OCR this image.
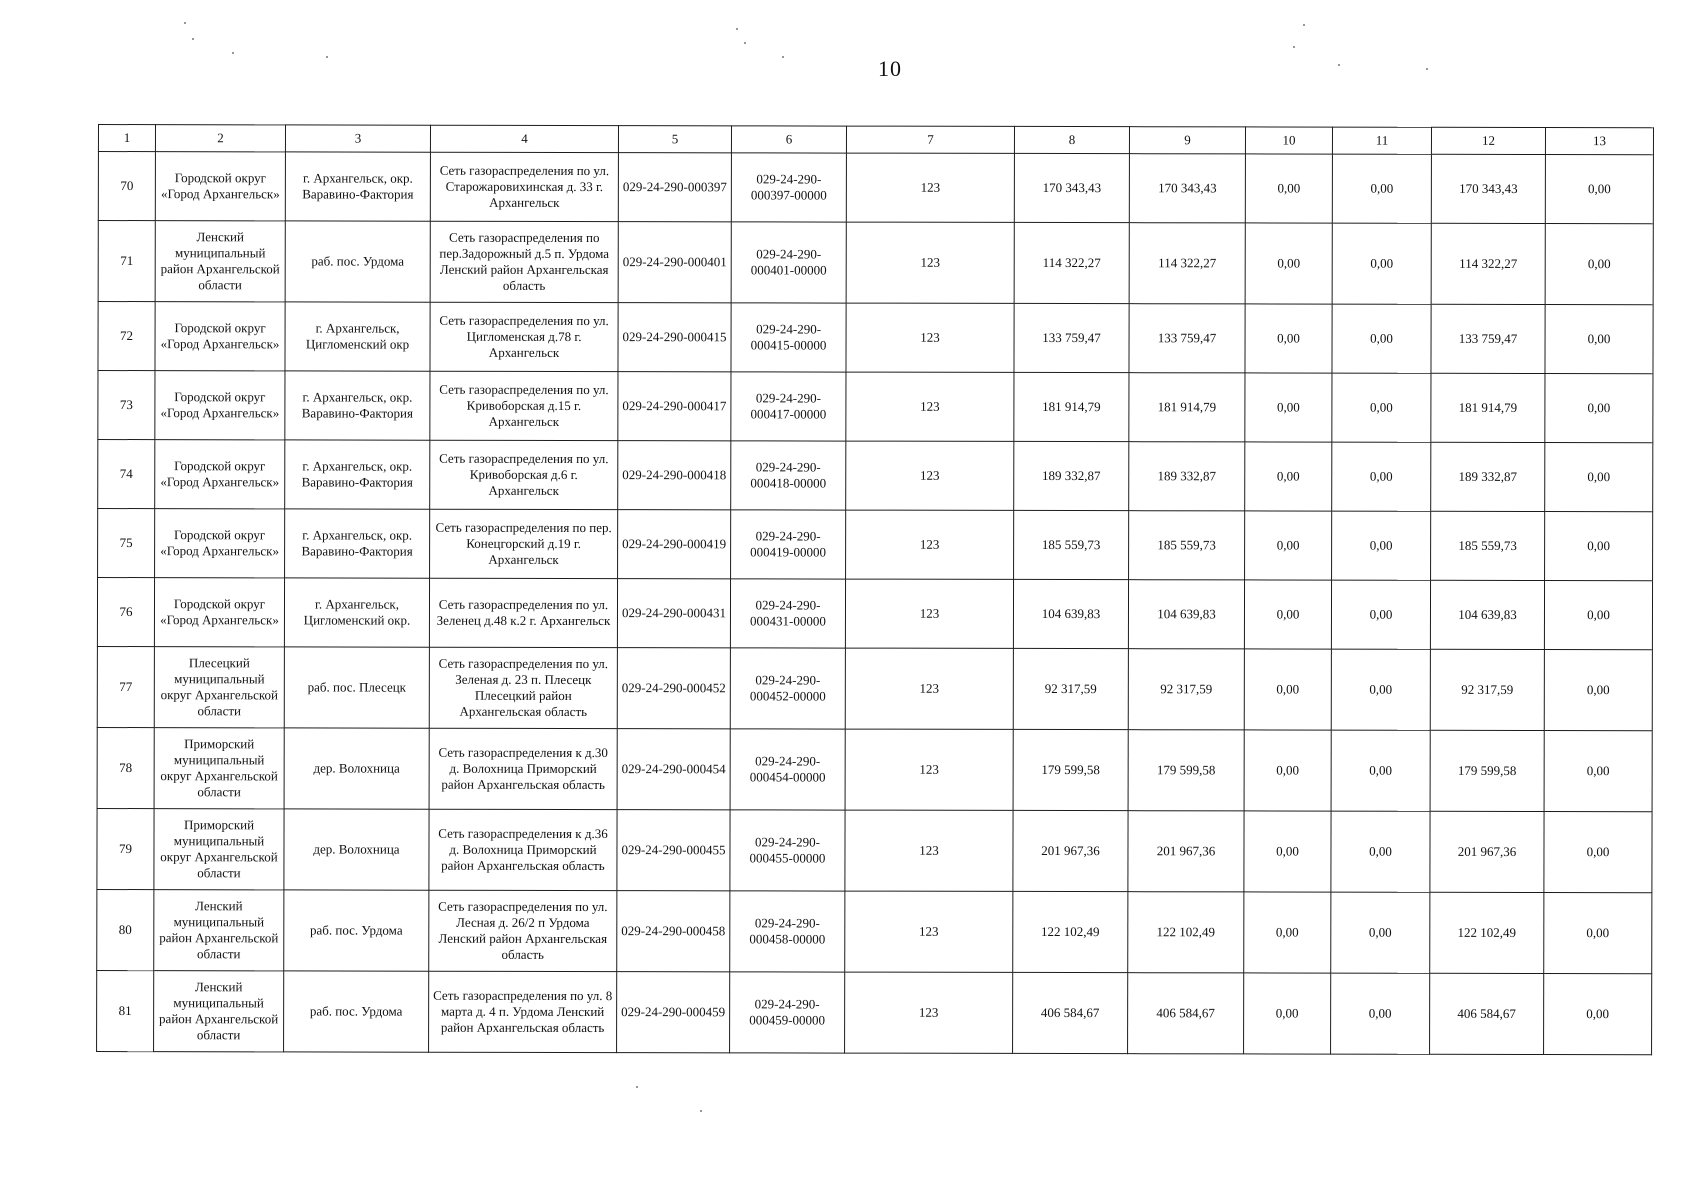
10
1	2	3	4	5	6	7	8	9	10	11	12	13
70	Городской округ «Город Архангельск»	г. Архангельск, окр. Варавино-Фактория	Сеть газораспределения по ул. Старожаровихинская д. 33 г. Архангельск	029-24-290-000397	029-24-290-000397-00000	123	170 343,43	170 343,43	0,00	0,00	170 343,43	0,00
71	Ленский муниципальный район Архангельской области	раб. пос. Урдома	Сеть газораспределения по пер.Задорожный д.5 п. Урдома Ленский район Архангельская область	029-24-290-000401	029-24-290-000401-00000	123	114 322,27	114 322,27	0,00	0,00	114 322,27	0,00
72	Городской округ «Город Архангельск»	г. Архангельск, Цигломенский окр	Сеть газораспределения по ул. Цигломенская д.78 г. Архангельск	029-24-290-000415	029-24-290-000415-00000	123	133 759,47	133 759,47	0,00	0,00	133 759,47	0,00
73	Городской округ «Город Архангельск»	г. Архангельск, окр. Варавино-Фактория	Сеть газораспределения по ул. Кривоборская д.15 г. Архангельск	029-24-290-000417	029-24-290-000417-00000	123	181 914,79	181 914,79	0,00	0,00	181 914,79	0,00
74	Городской округ «Город Архангельск»	г. Архангельск, окр. Варавино-Фактория	Сеть газораспределения по ул. Кривоборская д.6 г. Архангельск	029-24-290-000418	029-24-290-000418-00000	123	189 332,87	189 332,87	0,00	0,00	189 332,87	0,00
75	Городской округ «Город Архангельск»	г. Архангельск, окр. Варавино-Фактория	Сеть газораспределения по пер. Конецгорский д.19 г. Архангельск	029-24-290-000419	029-24-290-000419-00000	123	185 559,73	185 559,73	0,00	0,00	185 559,73	0,00
76	Городской округ «Город Архангельск»	г. Архангельск, Цигломенский окр.	Сеть газораспределения по ул. Зеленец д.48 к.2 г. Архангельск	029-24-290-000431	029-24-290-000431-00000	123	104 639,83	104 639,83	0,00	0,00	104 639,83	0,00
77	Плесецкий муниципальный округ Архангельской области	раб. пос. Плесецк	Сеть газораспределения по ул. Зеленая д. 23 п. Плесецк Плесецкий район Архангельская область	029-24-290-000452	029-24-290-000452-00000	123	92 317,59	92 317,59	0,00	0,00	92 317,59	0,00
78	Приморский муниципальный округ Архангельской области	дер. Волохница	Сеть газораспределения к д.30 д. Волохница Приморский район Архангельская область	029-24-290-000454	029-24-290-000454-00000	123	179 599,58	179 599,58	0,00	0,00	179 599,58	0,00
79	Приморский муниципальный округ Архангельской области	дер. Волохница	Сеть газораспределения к д.36 д. Волохница Приморский район Архангельская область	029-24-290-000455	029-24-290-000455-00000	123	201 967,36	201 967,36	0,00	0,00	201 967,36	0,00
80	Ленский муниципальный район Архангельской области	раб. пос. Урдома	Сеть газораспределения по ул. Лесная д. 26/2 п Урдома Ленский район Архангельская область	029-24-290-000458	029-24-290-000458-00000	123	122 102,49	122 102,49	0,00	0,00	122 102,49	0,00
81	Ленский муниципальный район Архангельской области	раб. пос. Урдома	Сеть газораспределения по ул. 8 марта д. 4 п. Урдома Ленский район Архангельская область	029-24-290-000459	029-24-290-000459-00000	123	406 584,67	406 584,67	0,00	0,00	406 584,67	0,00
